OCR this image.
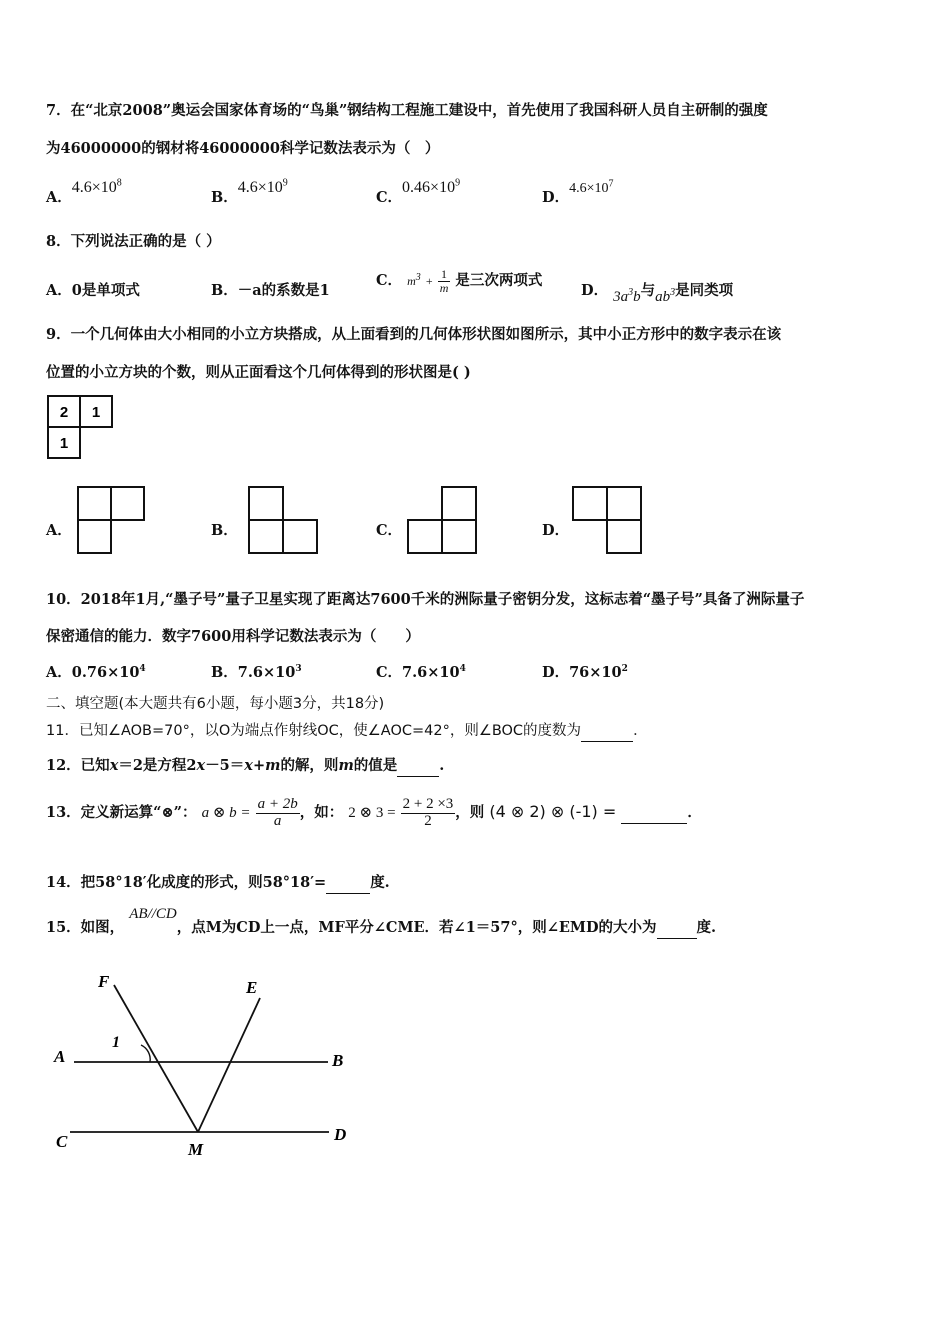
7．在“北京2008”奥运会国家体育场的“鸟巢”钢结构工程施工建设中，首先使用了我国科研人员自主研制的强度
为46000000的钢材将46000000科学记数法表示为（　）
A．$4.6\times 10^8$
B．$4.6\times 10^9$
C．$0.46\times 10^9$
D．$4.6\times 10^7$
8．下列说法正确的是（ ）
A．0是单项式	B．－a的系数是1
C． $m^3 + \frac{1}{m}$ 是三次两项式
D． $3a^3b$与$ab^3$是同类项
9．一个几何体由大小相同的小立方块搭成，从上面看到的几何体形状图如图所示，其中小正方形中的数字表示在该
位置的小立方块的个数，则从正面看这个几何体得到的形状图是( )
2 1
1
A．	B．	C．	D．
10．2018年1月,“墨子号”量子卫星实现了距离达7600千米的洲际量子密钥分发，这标志着“墨子号”具备了洲际量子
保密通信的能力．数字7600用科学记数法表示为（　　）
A．$0.76\times 10^4$	B．$7.6\times 10^3$	C．$7.6\times 10^4$	D．$76\times 10^2$
二、填空题(本大题共有6小题，每小题3分，共18分)
11．已知∠AOB=70°，以O为端点作射线OC，使∠AOC=42°，则∠BOC的度数为	．
12．已知x＝2是方程2x－5＝x+m的解，则m的值是	.
13．定义新运算“⊗”： a ⊗ $b = \frac{a + 2b}{a}$ ，如： 2 ⊗ $3 = \frac{2 + 2 \times 3}{2}$ ，则 (4 ⊗ 2) ⊗ (-1) =	．
14．把58°18′化成度的形式，则58°18′=	度.
15．如图， AB//CD，点M为CD上一点，MF平分∠CME．若∠1＝57°，则∠EMD的大小为	度.
F	E
A	B
C	D
M
1
